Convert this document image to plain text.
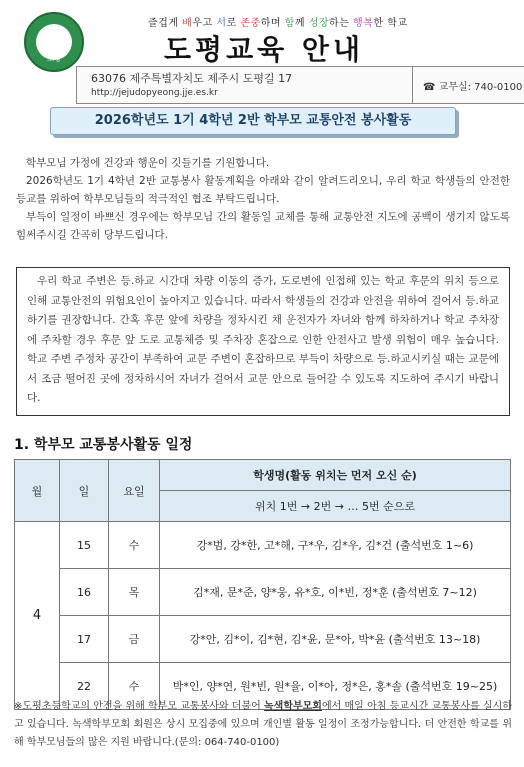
도평
즐겁게 배우고 서로 존중하며 함께 성장하는 행복한 학교
도평교육 안내
63076 제주특별자치도 제주시 도평길 17
http://jejudopyeong.jje.es.kr	☎ 교무실: 740-0100
2026학년도 1기 4학년 2반 학부모 교통안전 봉사활동
학부모님 가정에 건강과 행운이 깃들기를 기원합니다.
2026학년도 1기 4학년 2반 교통봉사 활동계획을 아래와 같이 알려드리오니, 우리 학교 학생들의 안전한 등교를 위하여 학부모님들의 적극적인 협조 부탁드립니다.
부득이 일정이 바쁘신 경우에는 학부모님 간의 활동일 교체를 통해 교통안전 지도에 공백이 생기지 않도록 힘써주시길 간곡히 당부드립니다.

우리 학교 주변은 등.하교 시간대 차량 이동의 증가, 도로변에 인접해 있는 학교 후문의 위치 등으로 인해 교통안전의 위험요인이 높아지고 있습니다. 따라서 학생들의 건강과 안전을 위하여 걸어서 등.하교하기를 권장합니다. 간혹 후문 앞에 차량을 정차시킨 채 운전자가 자녀와 함께 하차하거나 학교 주차장에 주차할 경우 후문 앞 도로 교통체증 및 주차장 혼잡으로 인한 안전사고 발생 위험이 매우 높습니다. 학교 주변 주정차 공간이 부족하여 교문 주변이 혼잡하므로 부득이 차량으로 등.하교시키실 때는 교문에서 조금 떨어진 곳에 정차하시어 자녀가 걸어서 교문 안으로 들어갈 수 있도록 지도하여 주시기 바랍니다.

1. 학부모 교통봉사활동 일정
월	일	요일	학생명(활동 위치는 먼저 오신 순)
			위치 1번 → 2번 → … 5번 순으로
4	15	수	강*범, 강*한, 고*해, 구*우, 김*우, 김*건 (출석번호 1~6)
	16	목	김*재, 문*준, 양*웅, 유*호, 이*빈, 정*훈 (출석번호 7~12)
	17	금	강*안, 김*이, 김*현, 김*윤, 문*아, 박*윤 (출석번호 13~18)
	22	수	박*인, 양*연, 원*빈, 원*율, 이*아, 정*은, 홍*솔 (출석번호 19~25)
※도평초등학교의 안전을 위해 학부모 교통봉사와 더불어 녹색학부모회에서 매일 아침 등교시간 교통봉사를 실시하고 있습니다. 녹색학부모회 회원은 상시 모집중에 있으며 개인별 활동 일정이 조정가능합니다. 더 안전한 학교를 위해 학부모님들의 많은 지원 바랍니다.(문의: 064-740-0100)
